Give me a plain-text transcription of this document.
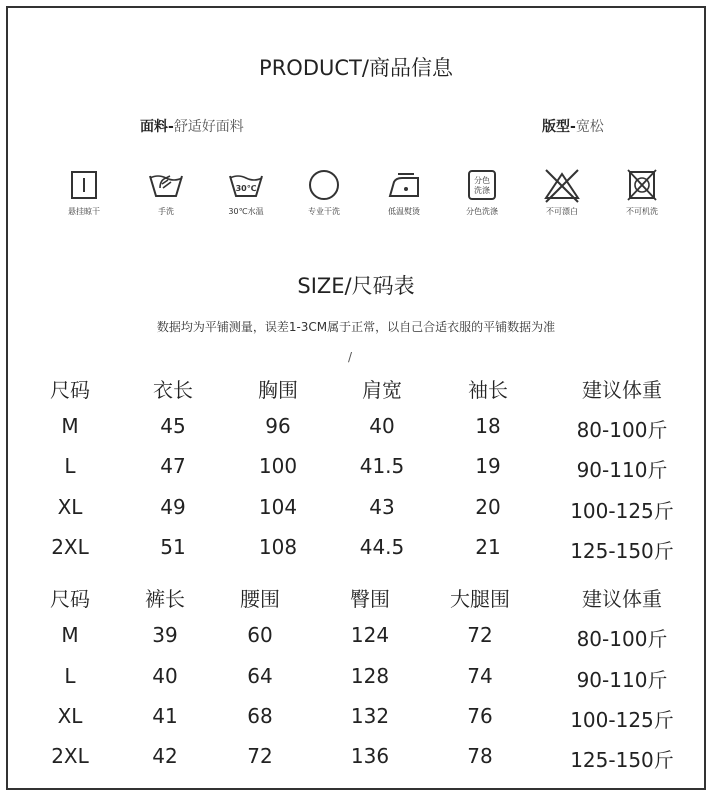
PRODUCT/商品信息
面料-舒适好面料	版型-宽松
悬挂晾干	手洗
30℃
30℃水温	专业干洗	低温熨烫
分色
洗涤
分色洗涤	不可漂白	不可机洗
SIZE/尺码表
数据均为平铺测量，误差1-3CM属于正常，以自己合适衣服的平铺数据为准
/
尺码	衣长	胸围	肩宽	袖长	建议体重
M	45	96	40	18	80-100斤
L	47	100	41.5	19	90-110斤
XL	49	104	43	20	100-125斤
2XL	51	108	44.5	21	125-150斤
尺码	裤长	腰围	臀围	大腿围	建议体重
M	39	60	124	72	80-100斤
L	40	64	128	74	90-110斤
XL	41	68	132	76	100-125斤
2XL	42	72	136	78	125-150斤
